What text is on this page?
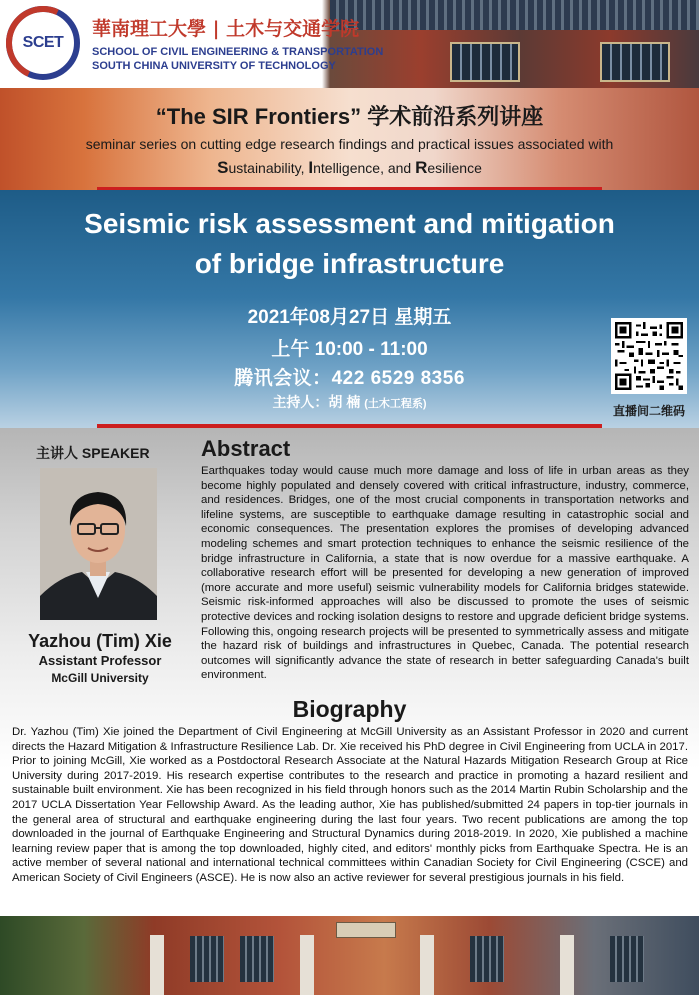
SCET
華南理工大學 | 土木与交通学院
SCHOOL OF CIVIL ENGINEERING & TRANSPORTATION
SOUTH CHINA UNIVERSITY OF TECHNOLOGY
“The SIR Frontiers” 学术前沿系列讲座
seminar series on cutting edge research findings and practical issues associated with
Sustainability, Intelligence, and Resilience
Seismic risk assessment and mitigation
of bridge infrastructure
2021年08月27日 星期五
上午 10:00 - 11:00
腾讯会议：422 6529 8356
主持人：胡 楠 (土木工程系)	直播间二维码
主讲人 SPEAKER
Yazhou (Tim) Xie
Assistant Professor
McGill University
Abstract
Earthquakes today would cause much more damage and loss of life in urban areas as they become highly populated and densely covered with critical infrastructure, industry, commerce, and residences. Bridges, one of the most crucial components in transportation networks and lifeline systems, are susceptible to earthquake damage resulting in catastrophic social and economic consequences. The presentation explores the promises of developing advanced modeling schemes and smart protection techniques to enhance the seismic resilience of the bridge infrastructure in California, a state that is now overdue for a massive earthquake. A collaborative research effort will be presented for developing a new generation of improved (more accurate and more useful) seismic vulnerability models for California bridges statewide. Seismic risk-informed approaches will also be discussed to promote the uses of seismic protective devices and rocking isolation designs to restore and upgrade deficient bridge systems. Following this, ongoing research projects will be presented to symmetrically assess and mitigate the hazard risk of buildings and infrastructures in Quebec, Canada. The potential research outcomes will significantly advance the state of research in better safeguarding Canada's built environment.
Biography
Dr. Yazhou (Tim) Xie joined the Department of Civil Engineering at McGill University as an Assistant Professor in 2020 and current directs the Hazard Mitigation & Infrastructure Resilience Lab. Dr. Xie received his PhD degree in Civil Engineering from UCLA in 2017. Prior to joining McGill, Xie worked as a Postdoctoral Research Associate at the Natural Hazards Mitigation Research Group at Rice University during 2017-2019. His research expertise contributes to the research and practice in promoting a hazard resilient and sustainable built environment. Xie has been recognized in his field through honors such as the 2014 Martin Rubin Scholarship and the 2017 UCLA Dissertation Year Fellowship Award. As the leading author, Xie has published/submitted 24 papers in top-tier journals in the general area of structural and earthquake engineering during the last four years. Two recent publications are among the top downloaded in the journal of Earthquake Engineering and Structural Dynamics during 2018-2019. In 2020, Xie published a machine learning review paper that is among the top downloaded, highly cited, and editors' monthly picks from Earthquake Spectra. He is an active member of several national and international technical committees within Canadian Society for Civil Engineering (CSCE) and American Society of Civil Engineers (ASCE). He is now also an active reviewer for several prestigious journals in his field.
